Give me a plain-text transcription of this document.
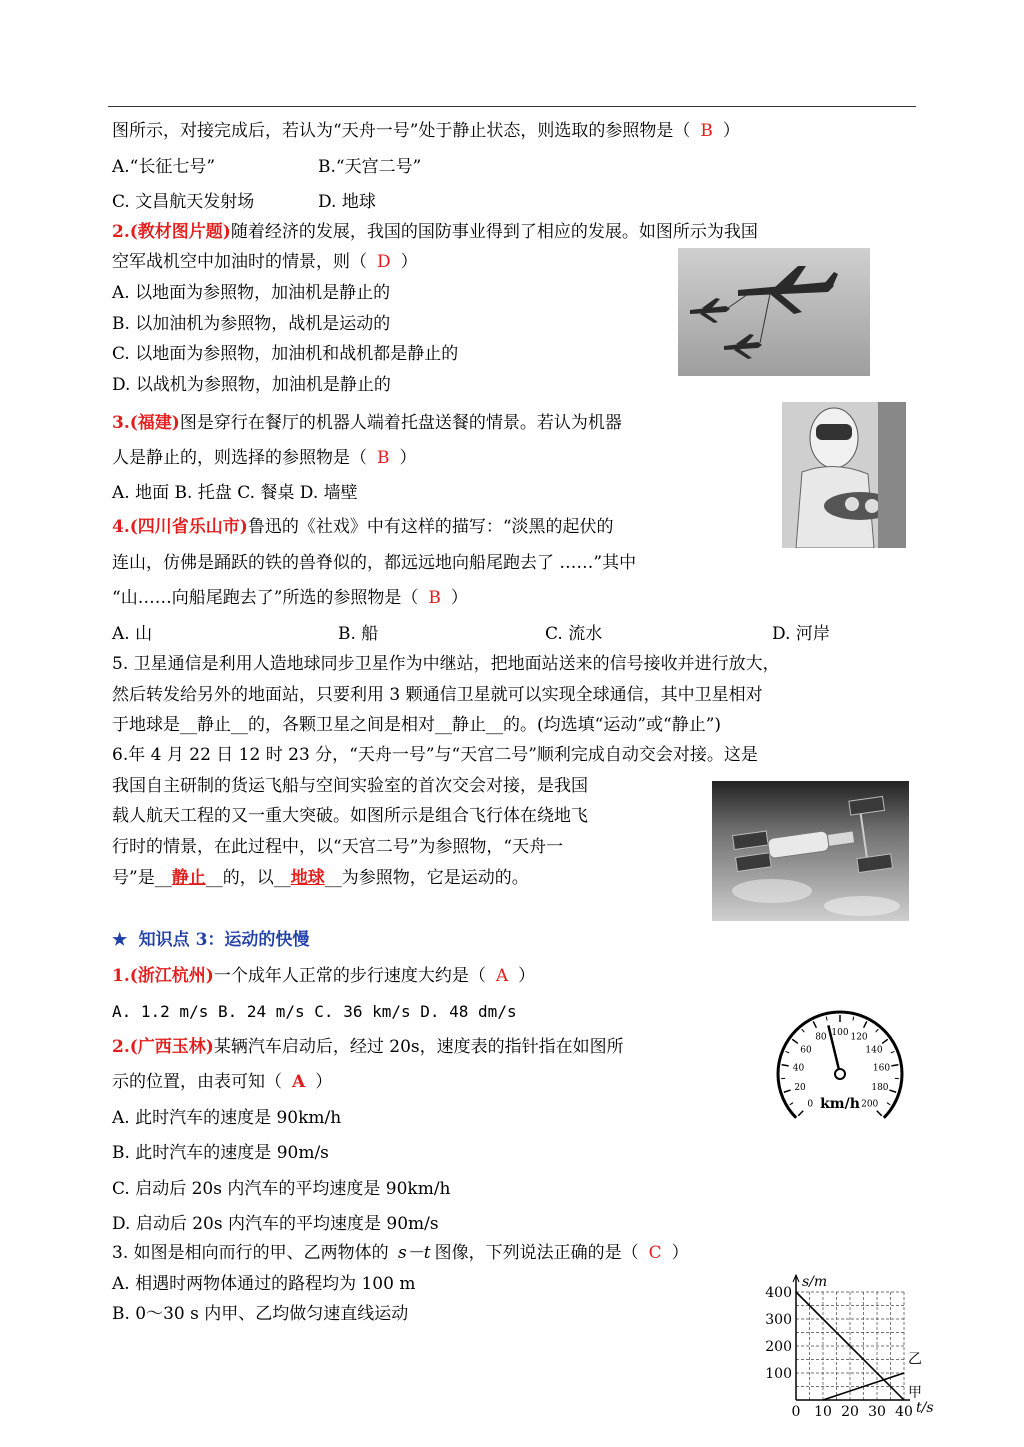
图所示，对接完成后，若认为“天舟一号”处于静止状态，则选取的参照物是（ B ）
A.“长征七号”	B.“天宫二号”
C. 文昌航天发射场	D. 地球
2.(教材图片题)随着经济的发展，我国的国防事业得到了相应的发展。如图所示为我国
空军战机空中加油时的情景，则（ D ）
A. 以地面为参照物，加油机是静止的
B. 以加油机为参照物，战机是运动的
C. 以地面为参照物，加油机和战机都是静止的
D. 以战机为参照物，加油机是静止的
3.(福建)图是穿行在餐厅的机器人端着托盘送餐的情景。若认为机器
人是静止的，则选择的参照物是（ B ）
A. 地面 B. 托盘 C. 餐桌 D. 墙壁
4.(四川省乐山市)鲁迅的《社戏》中有这样的描写：“淡黑的起伏的
连山，仿佛是踊跃的铁的兽脊似的，都远远地向船尾跑去了 ……”其中
“山……向船尾跑去了”所选的参照物是（ B ）
A. 山	B. 船	C. 流水	D. 河岸
5. 卫星通信是利用人造地球同步卫星作为中继站，把地面站送来的信号接收并进行放大，
然后转发给另外的地面站，只要利用 3 颗通信卫星就可以实现全球通信，其中卫星相对
于地球是__静止__的，各颗卫星之间是相对__静止__的。(均选填“运动”或“静止”)
6.年 4 月 22 日 12 时 23 分，“天舟一号”与“天宫二号”顺利完成自动交会对接。这是
我国自主研制的货运飞船与空间实验室的首次交会对接，是我国
载人航天工程的又一重大突破。如图所示是组合飞行体在绕地飞
行时的情景，在此过程中，以“天宫二号”为参照物，“天舟一
号”是__静止__的，以__地球__为参照物，它是运动的。
★ 知识点 3：运动的快慢
1.(浙江杭州)一个成年人正常的步行速度大约是（ A ）
A. 1.2 m/s B. 24 m/s C. 36 km/s D. 48 dm/s
2.(广西玉林)某辆汽车启动后，经过 20s，速度表的指针指在如图所
示的位置，由表可知（ A ）
A. 此时汽车的速度是 90km/h
B. 此时汽车的速度是 90m/s
C. 启动后 20s 内汽车的平均速度是 90km/h
D. 启动后 20s 内汽车的平均速度是 90m/s
0
20
40
60
80 100 120
140
160
180
200
km/h
3. 如图是相向而行的甲、乙两物体的 s－t 图像，下列说法正确的是（ C ）
A. 相遇时两物体通过的路程均为 100 m
B. 0～30 s 内甲、乙均做匀速直线运动
0 10 20 30 40
100
200
300
400
s/m
t/s
乙
甲
